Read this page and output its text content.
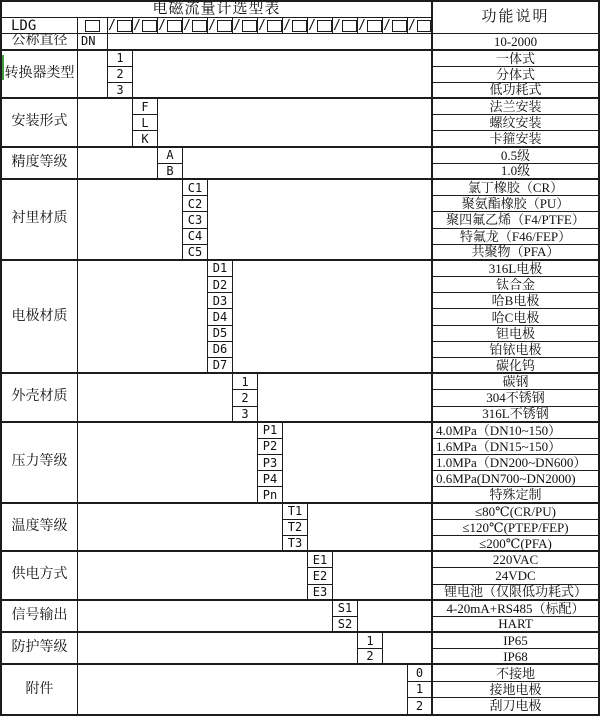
电磁流量计选型表
功能说明
LDG
公称直径	DN	10-2000
/ / / / / / / / / / / / /
转换器类型
1	一体式
2	分体式
3	低功耗式
安装形式
F	法兰安装
L	螺纹安装
K	卡箍安装
精度等级	A	0.5级
B	1.0级
衬里材质
C1	氯丁橡胶（CR）
C2	聚氨酯橡胶（PU）
C3	聚四氟乙烯（F4/PTFE）
C4	特氟龙（F46/FEP）
C5	共聚物（PFA）
电极材质
D1	316L电极
D2	钛合金
D3	哈B电极
D4	哈C电极
D5	钽电极
D6	铂铱电极
D7	碳化钨
外壳材质
1	碳钢
2	304不锈钢
3	316L不锈钢
压力等级
P1	4.0MPa（DN10~150）
P2	1.6MPa（DN15~150）
P3	1.0MPa（DN200~DN600）
P4	0.6MPa(DN700~DN2000)
Pn	特殊定制
温度等级
T1	≤80℃(CR/PU)
T2	≤120℃(PTEP/FEP)
T3	≤200℃(PFA)
供电方式
E1	220VAC
E2	24VDC
E3	锂电池（仅限低功耗式）
信号输出	S1	4-20mA+RS485（标配）
S2	HART
防护等级	1	IP65
2	IP68
附件
0	不接地
1	接地电极
2	刮刀电极
